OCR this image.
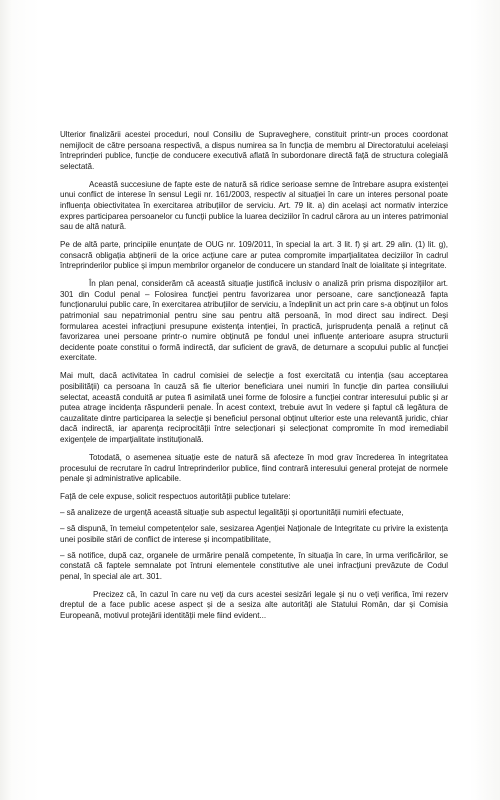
Ulterior finalizării acestei proceduri, noul Consiliu de Supraveghere, constituit printr-un proces coordonat nemijlocit de către persoana respectivă, a dispus numirea sa în funcția de membru al Directoratului aceleiași întreprinderi publice, funcție de conducere executivă aflată în subordonare directă față de structura colegială selectată.

Această succesiune de fapte este de natură să ridice serioase semne de întrebare asupra existenței unui conflict de interese în sensul Legii nr. 161/2003, respectiv al situației în care un interes personal poate influența obiectivitatea în exercitarea atribuțiilor de serviciu. Art. 79 lit. a) din același act normativ interzice expres participarea persoanelor cu funcții publice la luarea deciziilor în cadrul cărora au un interes patrimonial sau de altă natură.

Pe de altă parte, principiile enunțate de OUG nr. 109/2011, în special la art. 3 lit. f) și art. 29 alin. (1) lit. g), consacră obligația abținerii de la orice acțiune care ar putea compromite imparțialitatea deciziilor în cadrul întreprinderilor publice și impun membrilor organelor de conducere un standard înalt de loialitate și integritate.

În plan penal, considerăm că această situație justifică inclusiv o analiză prin prisma dispozițiilor art. 301 din Codul penal – Folosirea funcției pentru favorizarea unor persoane, care sancționează fapta funcționarului public care, în exercitarea atribuțiilor de serviciu, a îndeplinit un act prin care s-a obținut un folos patrimonial sau nepatrimonial pentru sine sau pentru altă persoană, în mod direct sau indirect. Deși formularea acestei infracțiuni presupune existența intenției, în practică, jurisprudența penală a reținut că favorizarea unei persoane printr-o numire obținută pe fondul unei influențe anterioare asupra structurii decidente poate constitui o formă indirectă, dar suficient de gravă, de deturnare a scopului public al funcției exercitate.

Mai mult, dacă activitatea în cadrul comisiei de selecție a fost exercitată cu intenția (sau acceptarea posibilității) ca persoana în cauză să fie ulterior beneficiara unei numiri în funcție din partea consiliului selectat, această conduită ar putea fi asimilată unei forme de folosire a funcției contrar interesului public și ar putea atrage incidența răspunderii penale. În acest context, trebuie avut în vedere și faptul că legătura de cauzalitate dintre participarea la selecție și beneficiul personal obținut ulterior este una relevantă juridic, chiar dacă indirectă, iar aparența reciprocității între selecționari și selecționat compromite în mod iremediabil exigențele de imparțialitate instituțională.

Totodată, o asemenea situație este de natură să afecteze în mod grav încrederea în integritatea procesului de recrutare în cadrul întreprinderilor publice, fiind contrară interesului general protejat de normele penale și administrative aplicabile.

Față de cele expuse, solicit respectuos autorității publice tutelare:

– să analizeze de urgență această situație sub aspectul legalității și oportunității numirii efectuate,

– să dispună, în temeiul competențelor sale, sesizarea Agenției Naționale de Integritate cu privire la existența unei posibile stări de conflict de interese și incompatibilitate,

– să notifice, după caz, organele de urmărire penală competente, în situația în care, în urma verificărilor, se constată că faptele semnalate pot întruni elementele constitutive ale unei infracțiuni prevăzute de Codul penal, în special ale art. 301.

Precizez că, în cazul în care nu veți da curs acestei sesizări legale și nu o veți verifica, îmi rezerv dreptul de a face public acese aspect și de a sesiza alte autorități ale Statului Român, dar și Comisia Europeană, motivul protejării identității mele fiind evident...
